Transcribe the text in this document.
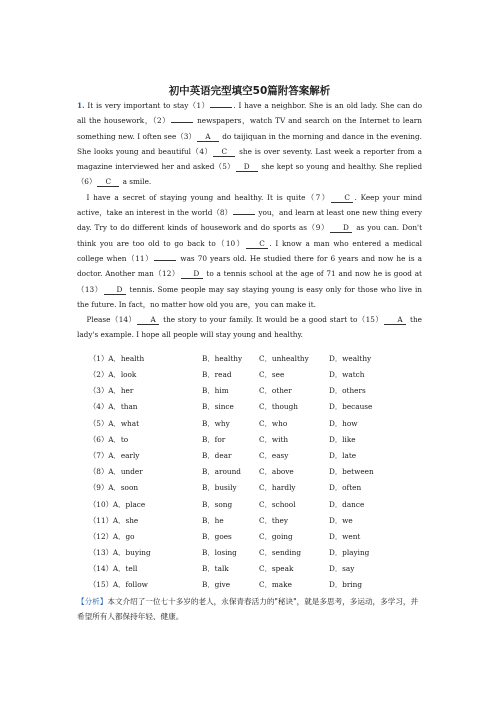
初中英语完型填空50篇附答案解析

1. It is very important to stay（1）	. I have a neighbor. She is an old lady. She can do all the housework，（2）	newspapers，watch TV and search on the Internet to learn something new. I often see（3） A do taijiquan in the morning and dance in the evening. She looks young and beautiful（4） C she is over seventy. Last week a reporter from a magazine interviewed her and asked（5） D she kept so young and healthy. She replied（6） C a smile.

I have a secret of staying young and healthy. It is quite（7） C . Keep your mind active，take an interest in the world（8）	you，and learn at least one new thing every day. Try to do different kinds of housework and do sports as（9） D as you can. Don't think you are too old to go back to（10） C . I know a man who entered a medical college when（11）	was 70 years old. He studied there for 6 years and now he is a doctor. Another man（12） D to a tennis school at the age of 71 and now he is good at（13） D tennis. Some people may say staying young is easy only for those who live in the future. In fact，no matter how old you are，you can make it.

Please（14） A the story to your family. It would be a good start to（15） A the lady's example. I hope all people will stay young and healthy.

（1）A．health	B．healthy	C．unhealthy	D．wealthy
（2）A．look	B．read	C．see	D．watch
（3）A．her	B．him	C．other	D．others
（4）A．than	B．since	C．though	D．because
（5）A．what	B．why	C．who	D．how
（6）A．to	B．for	C．with	D．like
（7）A．early	B．dear	C．easy	D．late
（8）A．under	B．around	C．above	D．between
（9）A．soon	B．busily	C．hardly	D．often
（10）A．place	B．song	C．school	D．dance
（11）A．she	B．he	C．they	D．we
（12）A．go	B．goes	C．going	D．went
（13）A．buying	B．losing	C．sending	D．playing
（14）A．tell	B．talk	C．speak	D．say
（15）A．follow	B．give	C．make	D．bring
【分析】本文介绍了一位七十多岁的老人，永保青春活力的"秘诀"，就是多思考，多运动，多学习，并希望所有人都保持年轻、健康。
